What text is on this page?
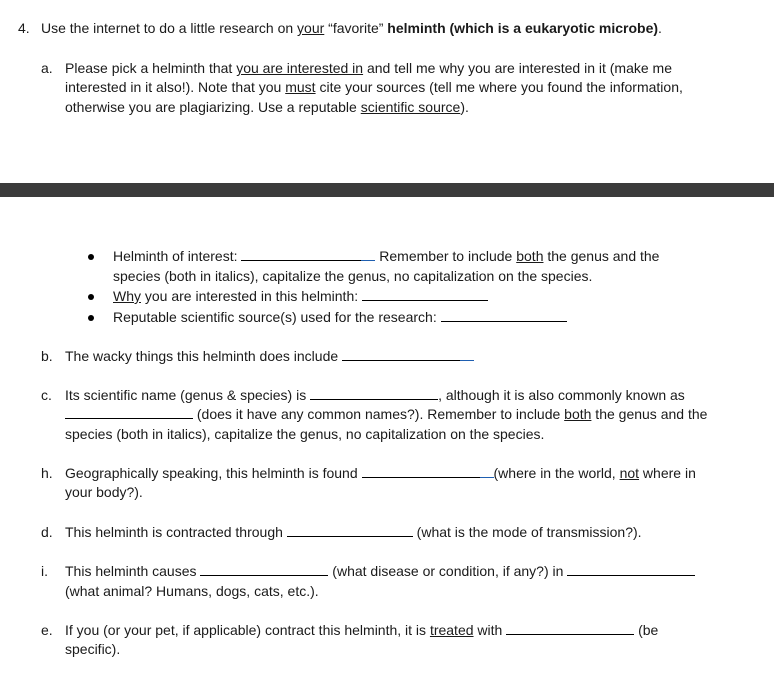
4. Use the internet to do a little research on your “favorite” helminth (which is a eukaryotic microbe).
a. Please pick a helminth that you are interested in and tell me why you are interested in it (make me
interested in it also!). Note that you must cite your sources (tell me where you found the information,
otherwise you are plagiarizing. Use a reputable scientific source).
Helminth of interest:	Remember to include both the genus and the
species (both in italics), capitalize the genus, no capitalization on the species.
Why you are interested in this helminth:
Reputable scientific source(s) used for the research:
b. The wacky things this helminth does include
c. Its scientific name (genus & species) is	, although it is also commonly known as
(does it have any common names?). Remember to include both the genus and the
species (both in italics), capitalize the genus, no capitalization on the species.
h. Geographically speaking, this helminth is found	(where in the world, not where in
your body?).
d. This helminth is contracted through	(what is the mode of transmission?).
i. This helminth causes	(what disease or condition, if any?) in
(what animal? Humans, dogs, cats, etc.).
e. If you (or your pet, if applicable) contract this helminth, it is treated with	(be
specific).
